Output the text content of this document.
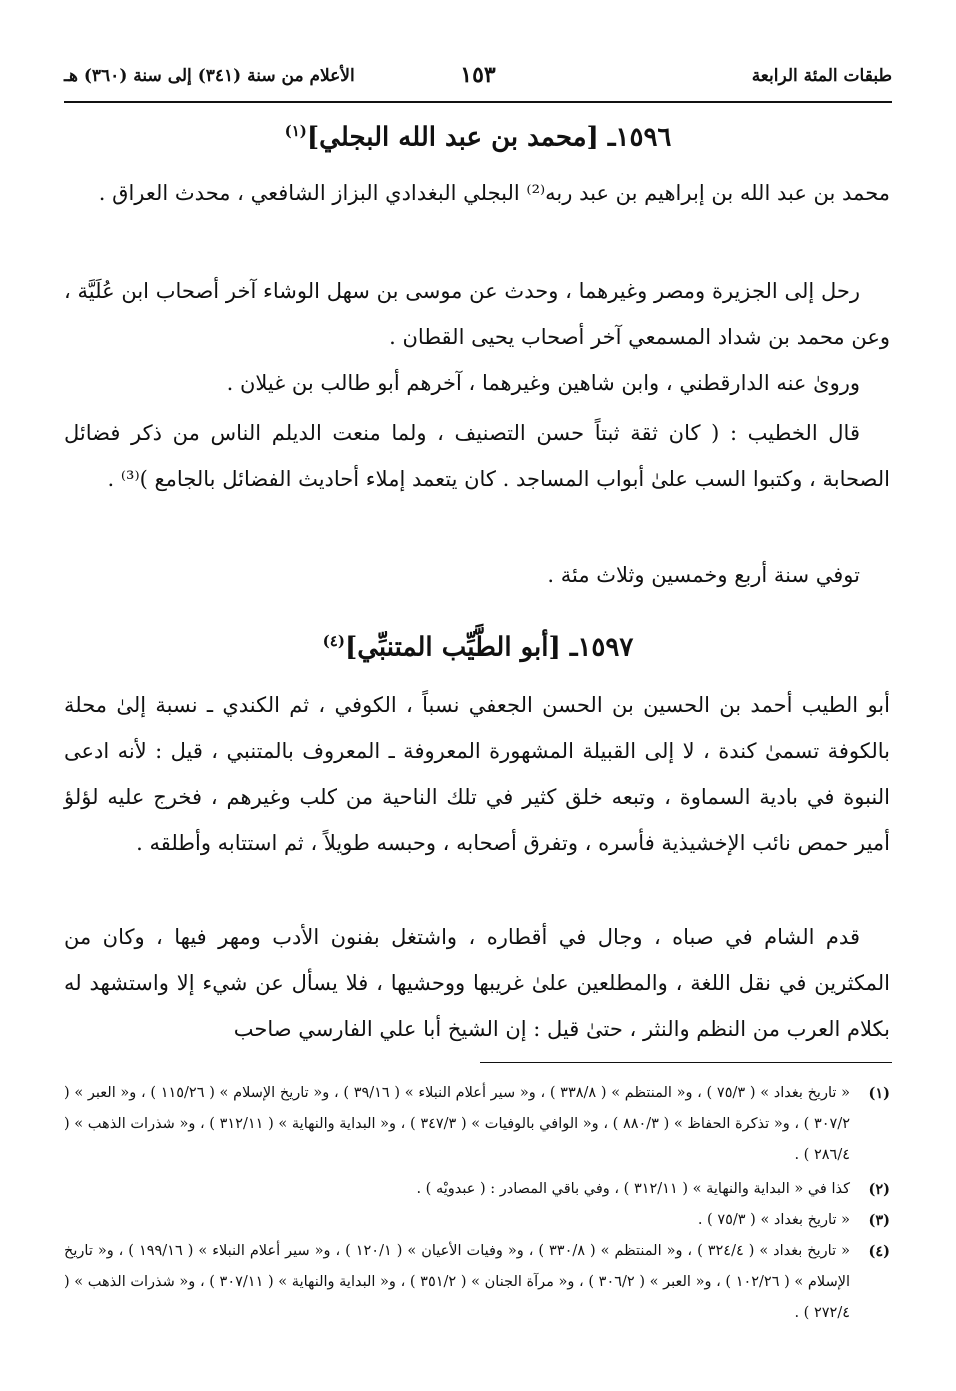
طبقات المئة الرابعة
١٥٣
الأعلام من سنة (٣٤١) إلى سنة (٣٦٠) هـ
١٥٩٦ـ [محمد بن عبد الله البجلي]$^{(١)}$

محمد بن عبد الله بن إبراهيم بن عبد ربه⁽²⁾ البجلي البغدادي البزاز الشافعي ، محدث العراق .

رحل إلى الجزيرة ومصر وغيرهما ، وحدث عن موسى بن سهل الوشاء آخر أصحاب ابن عُلَيَّة ، وعن محمد بن شداد المسمعي آخر أصحاب يحيى القطان .

وروىٰ عنه الدارقطني ، وابن شاهين وغيرهما ، آخرهم أبو طالب بن غيلان .

قال الخطيب : ( كان ثقة ثبتاً حسن التصنيف ، ولما منعت الديلم الناس من ذكر فضائل الصحابة ، وكتبوا السب علىٰ أبواب المساجد . كان يتعمد إملاء أحاديث الفضائل بالجامع )⁽³⁾ .

توفي سنة أربع وخمسين وثلاث مئة .

١٥٩٧ـ [أبو الطَّيِّب المتنبِّي]$^{(٤)}$

أبو الطيب أحمد بن الحسين بن الحسن الجعفي نسباً ، الكوفي ، ثم الكندي ـ نسبة إلىٰ محلة بالكوفة تسمىٰ كندة ، لا إلى القبيلة المشهورة المعروفة ـ المعروف بالمتنبي ، قيل : لأنه ادعى النبوة في بادية السماوة ، وتبعه خلق كثير في تلك الناحية من كلب وغيرهم ، فخرج عليه لؤلؤ أمير حمص نائب الإخشيذية فأسره ، وتفرق أصحابه ، وحبسه طويلاً ، ثم استتابه وأطلقه .

قدم الشام في صباه ، وجال في أقطاره ، واشتغل بفنون الأدب ومهر فيها ، وكان من المكثرين في نقل اللغة ، والمطلعين علىٰ غريبها ووحشيها ، فلا يسأل عن شيء إلا واستشهد له بكلام العرب من النظم والنثر ، حتىٰ قيل : إن الشيخ أبا علي الفارسي صاحب

(١)
« تاريخ بغداد » ( ٧٥/٣ ) ، و« المنتظم » ( ٣٣٨/٨ ) ، و« سير أعلام النبلاء » ( ٣٩/١٦ ) ، و« تاريخ الإسلام » ( ١١٥/٢٦ ) ، و« العبر » ( ٣٠٧/٢ ) ، و« تذكرة الحفاظ » ( ٨٨٠/٣ ) ، و« الوافي بالوفيات » ( ٣٤٧/٣ ) ، و« البداية والنهاية » ( ٣١٢/١١ ) ، و« شذرات الذهب » ( ٢٨٦/٤ ) .
(٢)
كذا في « البداية والنهاية » ( ٣١٢/١١ ) ، وفي باقي المصادر : ( عبدويْه ) .
(٣)
« تاريخ بغداد » ( ٧٥/٣ ) .
(٤)
« تاريخ بغداد » ( ٣٢٤/٤ ) ، و« المنتظم » ( ٣٣٠/٨ ) ، و« وفيات الأعيان » ( ١٢٠/١ ) ، و« سير أعلام النبلاء » ( ١٩٩/١٦ ) ، و« تاريخ الإسلام » ( ١٠٢/٢٦ ) ، و« العبر » ( ٣٠٦/٢ ) ، و« مرآة الجنان » ( ٣٥١/٢ ) ، و« البداية والنهاية » ( ٣٠٧/١١ ) ، و« شذرات الذهب » ( ٢٧٢/٤ ) .
